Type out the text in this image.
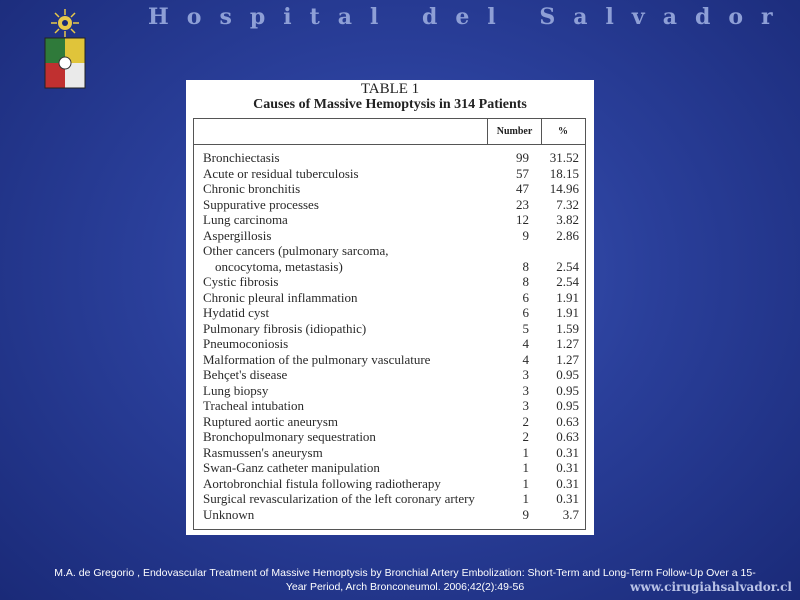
Hospital del Salvador
TABLE 1
Causes of Massive Hemoptysis in 314 Patients
Number	%
Bronchiectasis	99	31.52
Acute or residual tuberculosis	57	18.15
Chronic bronchitis	47	14.96
Suppurative processes	23	7.32
Lung carcinoma	12	3.82
Aspergillosis	9	2.86
Other cancers (pulmonary sarcoma,
oncocytoma, metastasis)	8	2.54
Cystic fibrosis	8	2.54
Chronic pleural inflammation	6	1.91
Hydatid cyst	6	1.91
Pulmonary fibrosis (idiopathic)	5	1.59
Pneumoconiosis	4	1.27
Malformation of the pulmonary vasculature	4	1.27
Behçet's disease	3	0.95
Lung biopsy	3	0.95
Tracheal intubation	3	0.95
Ruptured aortic aneurysm	2	0.63
Bronchopulmonary sequestration	2	0.63
Rasmussen's aneurysm	1	0.31
Swan-Ganz catheter manipulation	1	0.31
Aortobronchial fistula following radiotherapy	1	0.31
Surgical revascularization of the left coronary artery	1	0.31
Unknown	9	3.7
M.A. de Gregorio , Endovascular Treatment of Massive Hemoptysis by Bronchial Artery Embolization: Short-Term and Long-Term Follow-Up Over a 15-
Year Period, Arch Bronconeumol. 2006;42(2):49-56	www.cirugiahsalvador.cl
